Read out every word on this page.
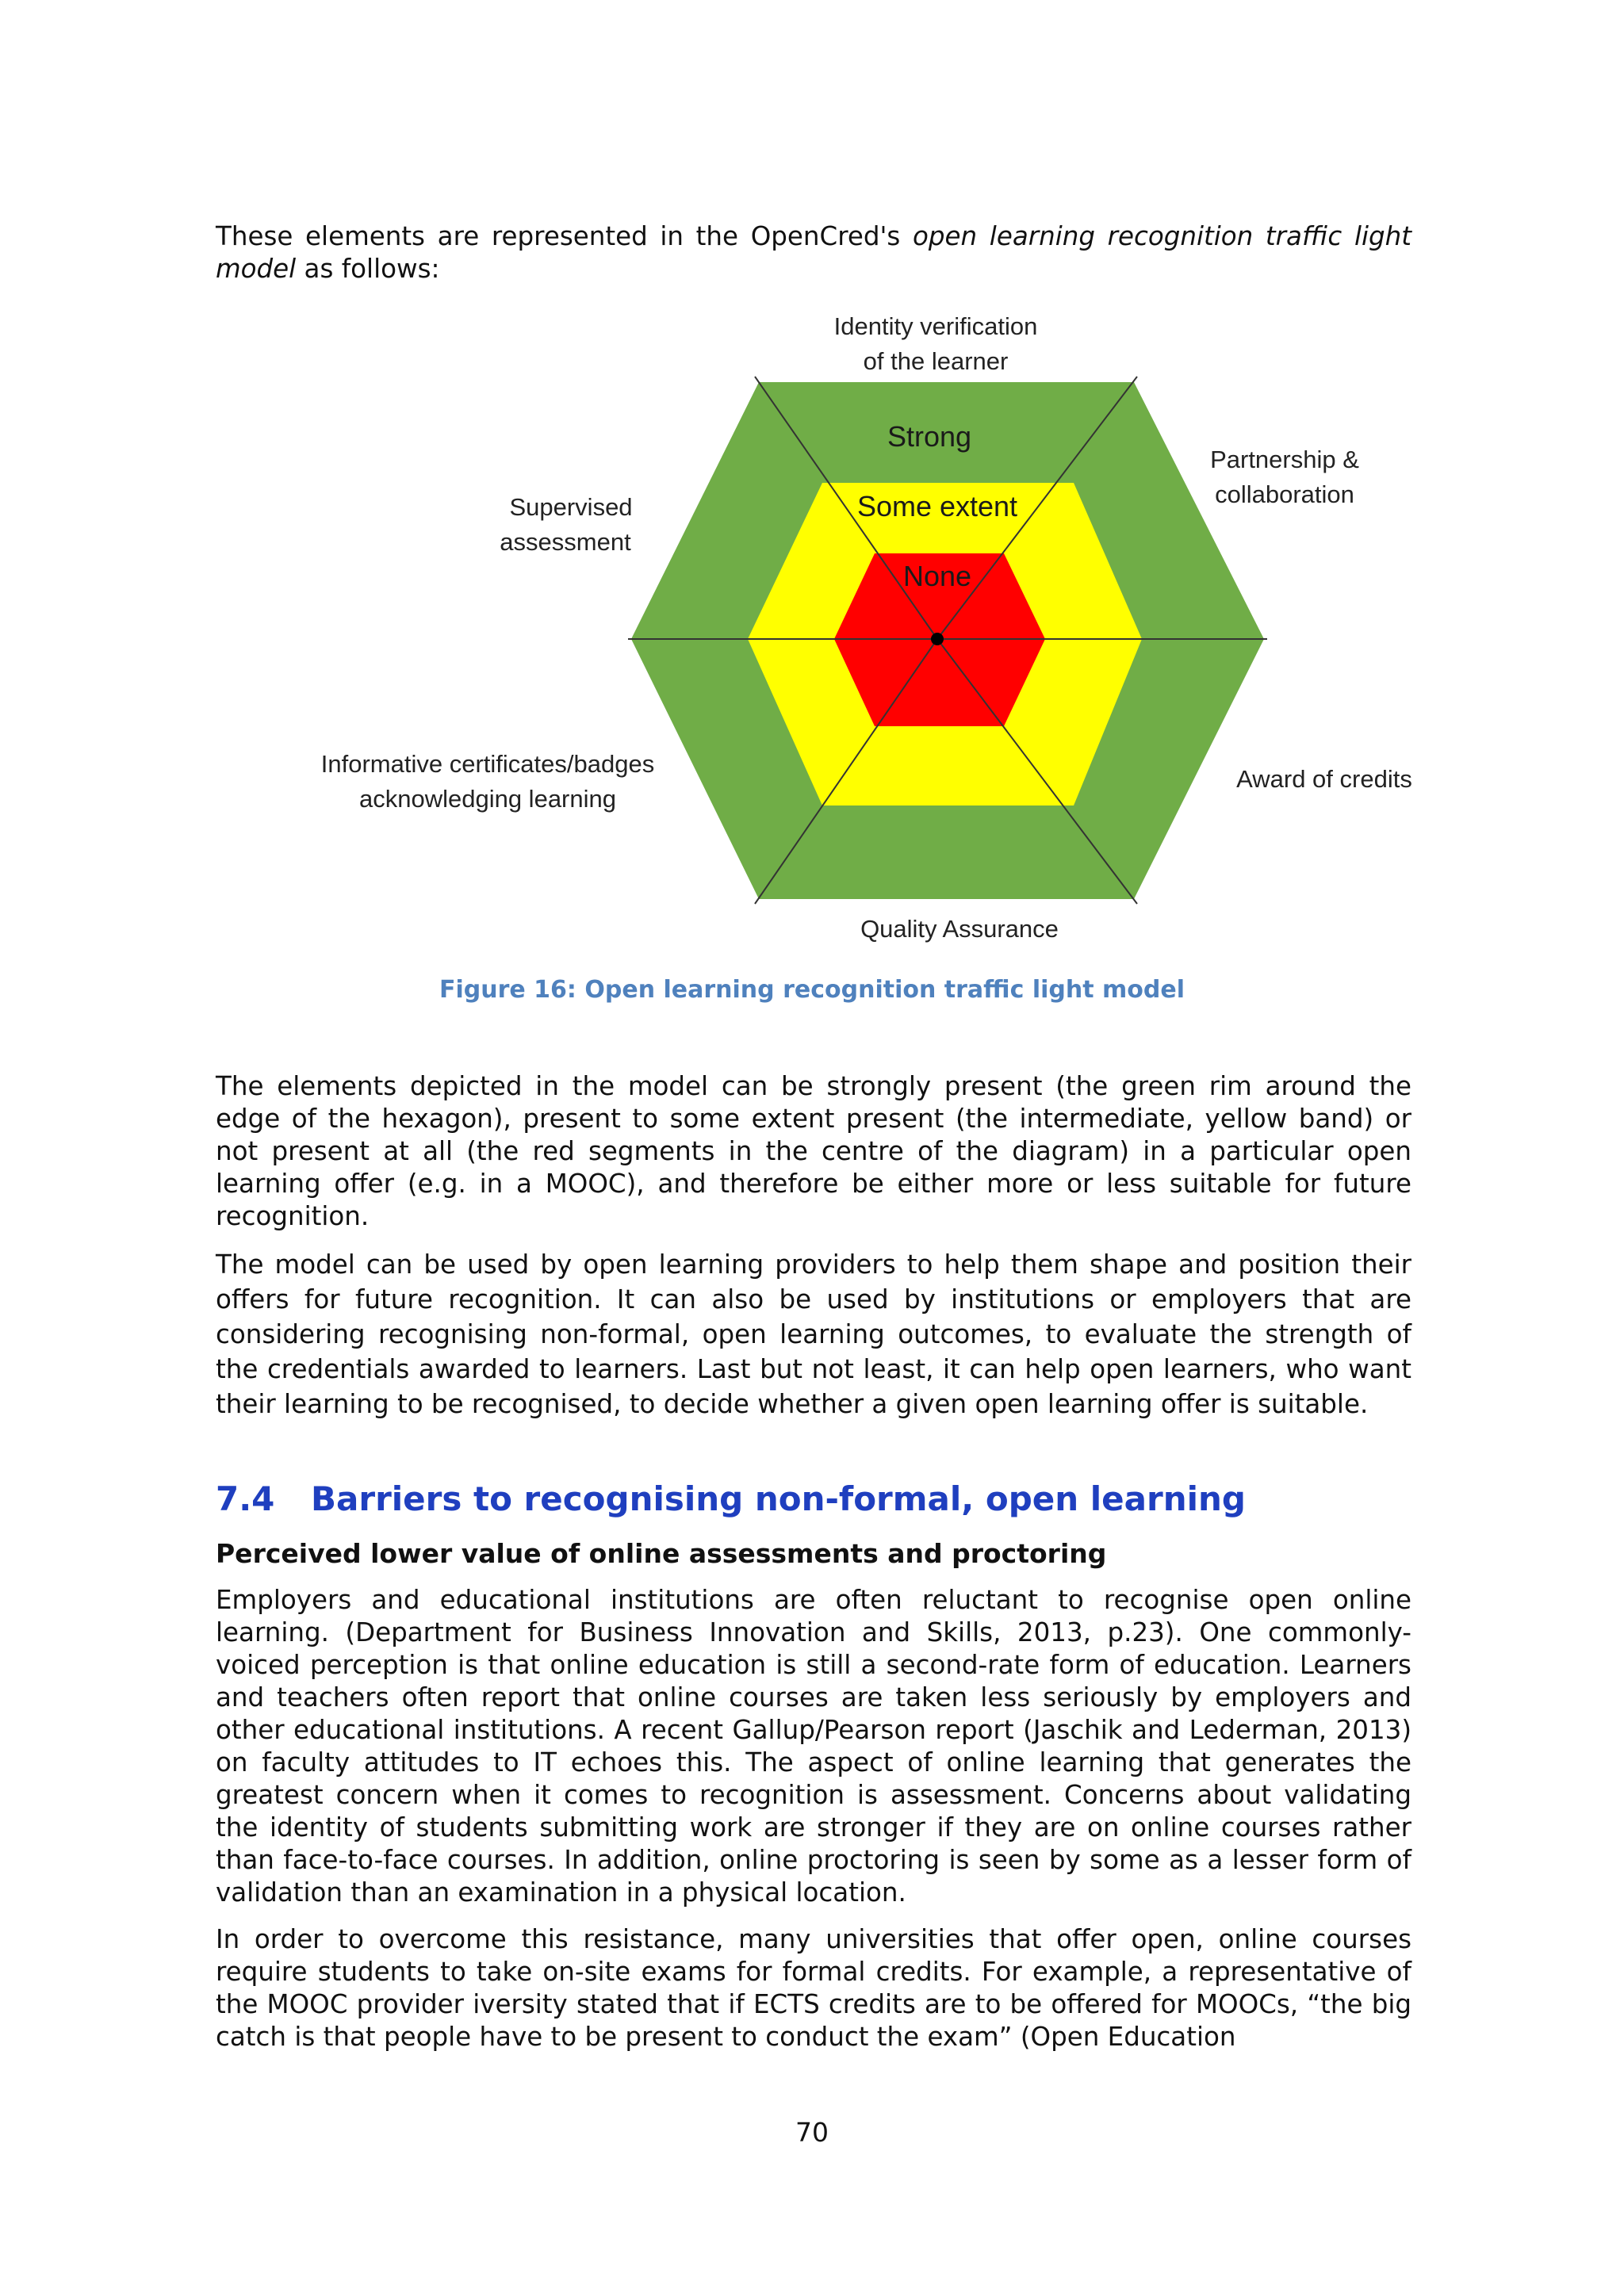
These elements are represented in the OpenCred's open learning recognition traffic light model as follows:

Identity verification
of the learner
Partnership &
collaboration
Supervised
assessment
Informative certificates/badges
acknowledging learning
Award of credits
Quality Assurance
Strong
Some extent
None
Figure 16: Open learning recognition traffic light model

The elements depicted in the model can be strongly present (the green rim around the edge of the hexagon), present to some extent present (the intermediate, yellow band) or not present at all (the red segments in the centre of the diagram) in a particular open learning offer (e.g. in a MOOC), and therefore be either more or less suitable for future recognition.

The model can be used by open learning providers to help them shape and position their offers for future recognition. It can also be used by institutions or employers that are considering recognising non-formal, open learning outcomes, to evaluate the strength of the credentials awarded to learners. Last but not least, it can help open learners, who want their learning to be recognised, to decide whether a given open learning offer is suitable.

7.4 Barriers to recognising non-formal, open learning
Perceived lower value of online assessments and proctoring

Employers and educational institutions are often reluctant to recognise open online learning. (Department for Business Innovation and Skills, 2013, p.23). One commonly-voiced perception is that online education is still a second-rate form of education. Learners and teachers often report that online courses are taken less seriously by employers and other educational institutions. A recent Gallup/Pearson report (Jaschik and Lederman, 2013) on faculty attitudes to IT echoes this. The aspect of online learning that generates the greatest concern when it comes to recognition is assessment. Concerns about validating the identity of students submitting work are stronger if they are on online courses rather than face-to-face courses. In addition, online proctoring is seen by some as a lesser form of validation than an examination in a physical location.

In order to overcome this resistance, many universities that offer open, online courses require students to take on-site exams for formal credits. For example, a representative of the MOOC provider iversity stated that if ECTS credits are to be offered for MOOCs, “the big catch is that people have to be present to conduct the exam” (Open Education

70
